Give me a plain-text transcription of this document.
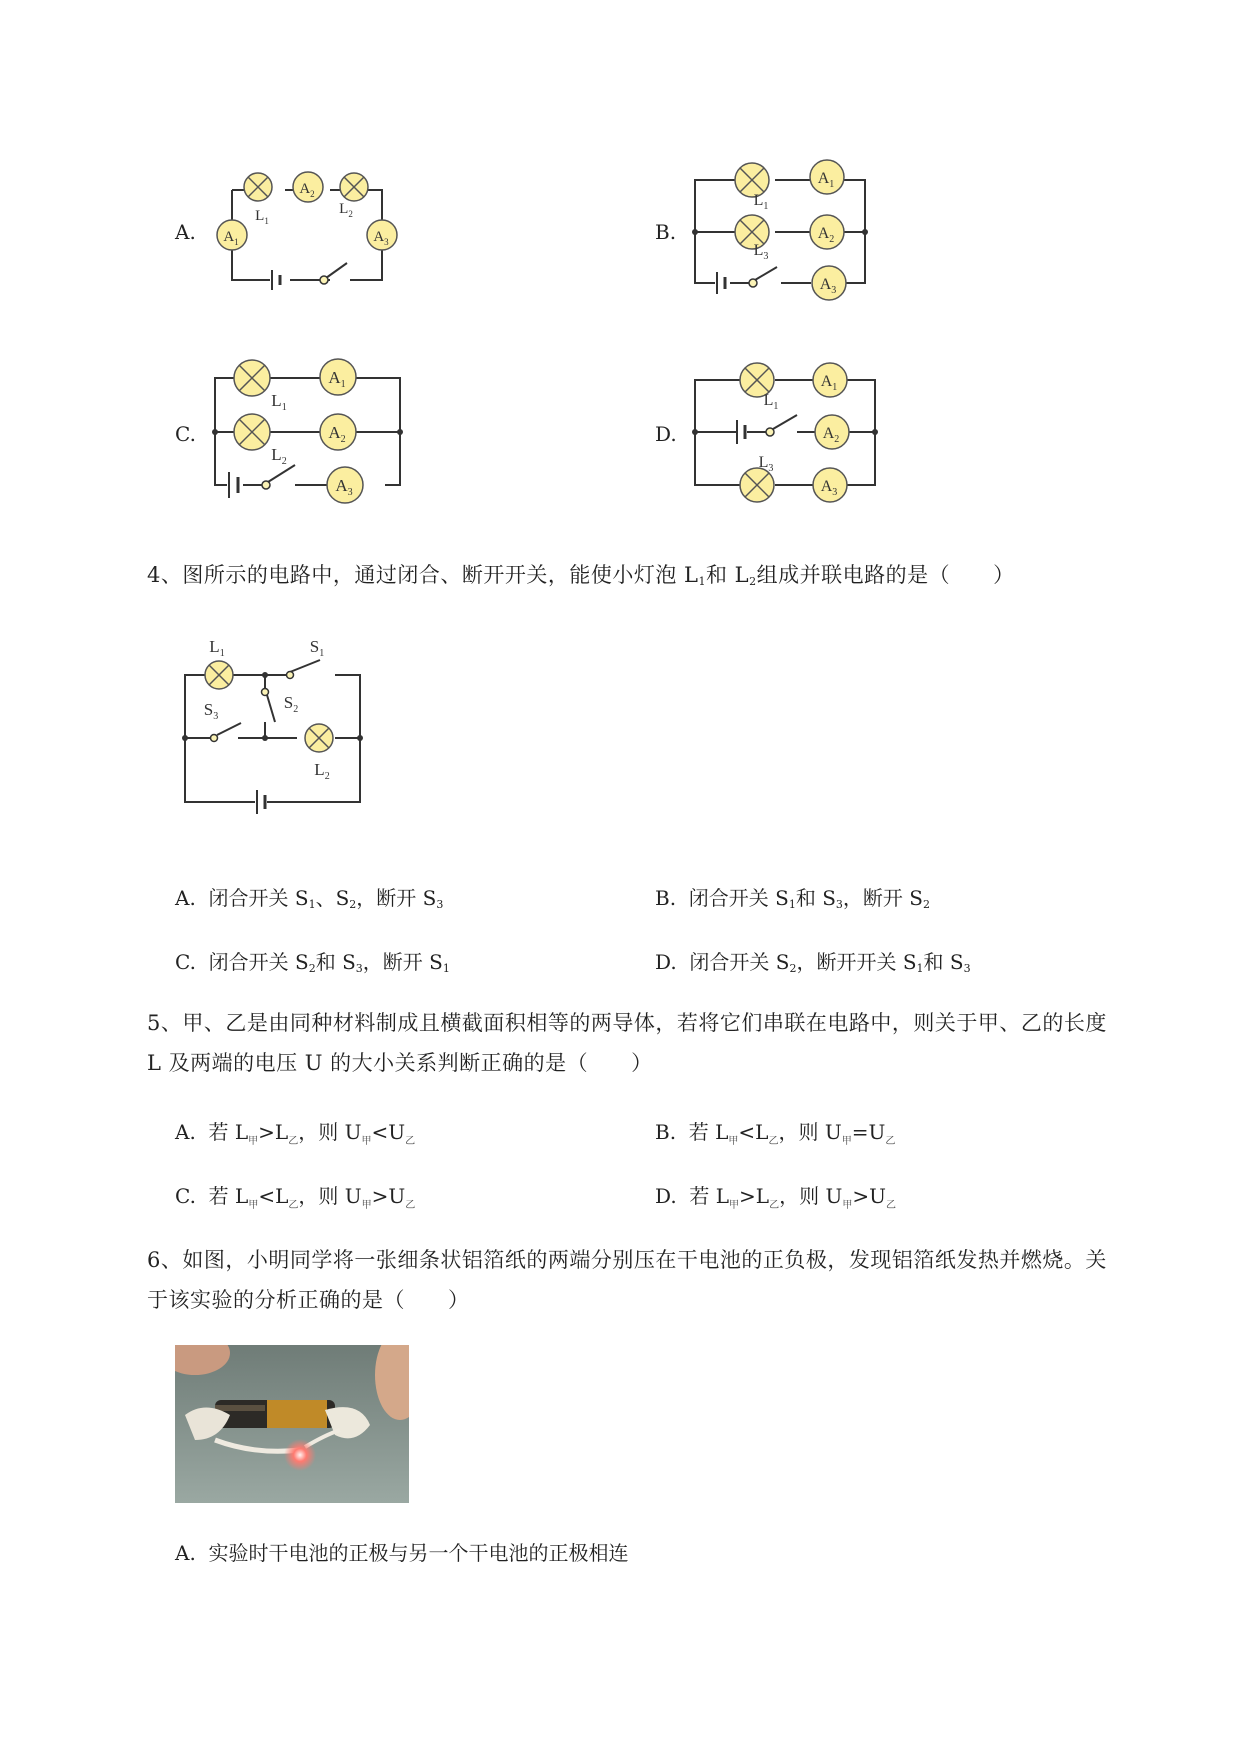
A.	B.
C.	D.
$A_2$
$A_1$	$A_3$
$L_1$
$L_2$
$A_1$
$A_2$
$A_3$
$L_1$
$L_3$
$A_1$
$A_2$
$A_3$
$L_1$
$L_2$
$A_1$
$A_2$
$A_3$
$L_1$
$L_3$
4、图所示的电路中，通过闭合、断开开关，能使小灯泡 $L_1$和 $L_2$组成并联电路的是（　　）
$L_1$	$S_1$
$S_2$
$S_3$
$L_2$
A. 闭合开关 $S_1$、$S_2$，断开 $S_3$	B. 闭合开关 $S_1$和 $S_3$，断开 $S_2$
C. 闭合开关 $S_2$和 $S_3$，断开 $S_1$	D. 闭合开关 $S_2$，断开开关 $S_1$和 $S_3$
5、甲、乙是由同种材料制成且横截面积相等的两导体，若将它们串联在电路中，则关于甲、乙的长度
L 及两端的电压 U 的大小关系判断正确的是（　　）
A. 若 $L_甲>L_乙$，则 $U_甲<U_乙$	B. 若 $L_甲<L_乙$，则 $U_甲=U_乙$
C. 若 $L_甲<L_乙$，则 $U_甲>U_乙$	D. 若 $L_甲>L_乙$，则 $U_甲>U_乙$
6、如图，小明同学将一张细条状铝箔纸的两端分别压在干电池的正负极，发现铝箔纸发热并燃烧。关
于该实验的分析正确的是（　　）
A. 实验时干电池的正极与另一个干电池的正极相连
